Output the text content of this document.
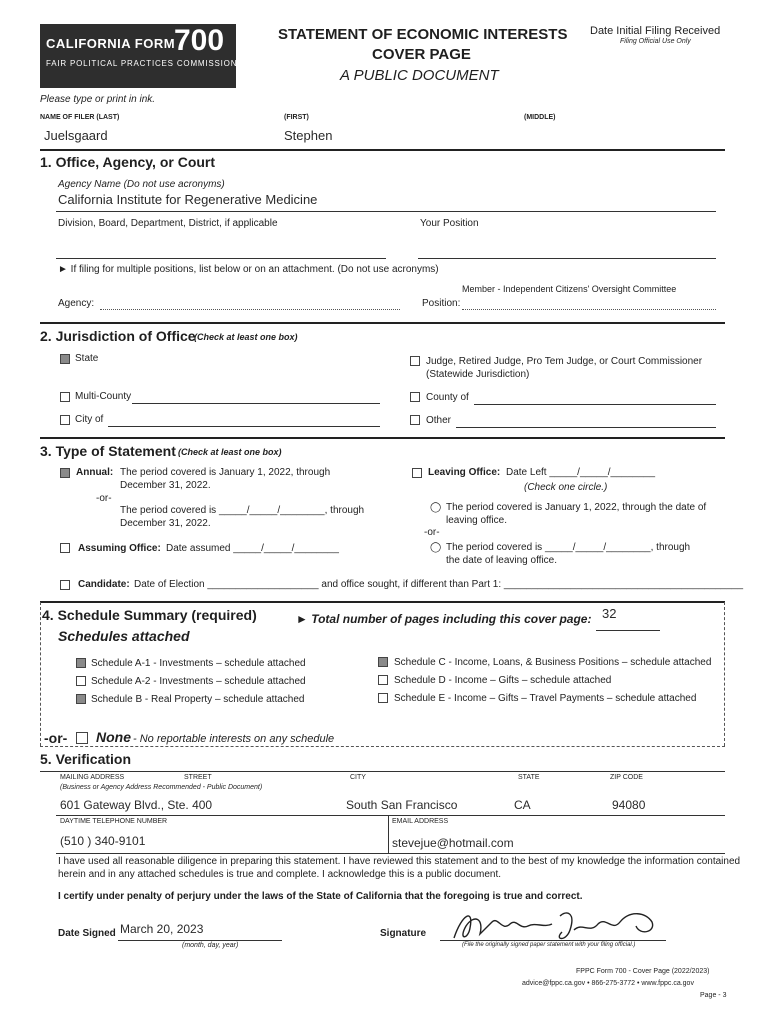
CALIFORNIA FORM
700
FAIR POLITICAL PRACTICES COMMISSION
STATEMENT OF ECONOMIC INTERESTS
COVER PAGE
A PUBLIC DOCUMENT
Date Initial Filing Received
Filing Official Use Only
Please type or print in ink.
NAME OF FILER (LAST)	(FIRST)	(MIDDLE)
Juelsgaard	Stephen
1. Office, Agency, or Court
Agency Name (Do not use acronyms)
California Institute for Regenerative Medicine
Division, Board, Department, District, if applicable	Your Position
► If filing for multiple positions, list below or on an attachment. (Do not use acronyms)
Member - Independent Citizens' Oversight Committee
Agency:	Position:
2. Jurisdiction of Office
(Check at least one box)
State	Judge, Retired Judge, Pro Tem Judge, or Court Commissioner
(Statewide Jurisdiction)
Multi-County	County of
City of	Other
3. Type of Statement (Check at least one box)
Annual: The period covered is January 1, 2022, through
December 31, 2022.
-or-
The period covered is _____/_____/________, through
December 31, 2022.
Leaving Office: Date Left _____/_____/________
(Check one circle.)
◯ The period covered is January 1, 2022, through the date of
leaving office.
-or-
◯ The period covered is _____/_____/________, through
the date of leaving office.
Assuming Office: Date assumed _____/_____/________
Candidate: Date of Election ____________________ and office sought, if different than Part 1: ___________________________________________
4. Schedule Summary (required)	► Total number of pages including this cover page: 32
Schedules attached
Schedule A-1 - Investments – schedule attached
Schedule A-2 - Investments – schedule attached
Schedule B - Real Property – schedule attached
Schedule C - Income, Loans, & Business Positions – schedule attached
Schedule D - Income – Gifts – schedule attached
Schedule E - Income – Gifts – Travel Payments – schedule attached
-or- None - No reportable interests on any schedule
5. Verification
MAILING ADDRESS	STREET	CITY	STATE	ZIP CODE
(Business or Agency Address Recommended - Public Document)
601 Gateway Blvd., Ste. 400	South San Francisco	CA	94080
DAYTIME TELEPHONE NUMBER	EMAIL ADDRESS
(510 ) 340-9101	stevejue@hotmail.com
I have used all reasonable diligence in preparing this statement. I have reviewed this statement and to the best of my knowledge the information contained
herein and in any attached schedules is true and complete. I acknowledge this is a public document.
I certify under penalty of perjury under the laws of the State of California that the foregoing is true and correct.
Date Signed March 20, 2023
(month, day, year)
Signature
(File the originally signed paper statement with your filing official.)
FPPC Form 700 - Cover Page (2022/2023)
advice@fppc.ca.gov • 866-275-3772 • www.fppc.ca.gov
Page - 3
